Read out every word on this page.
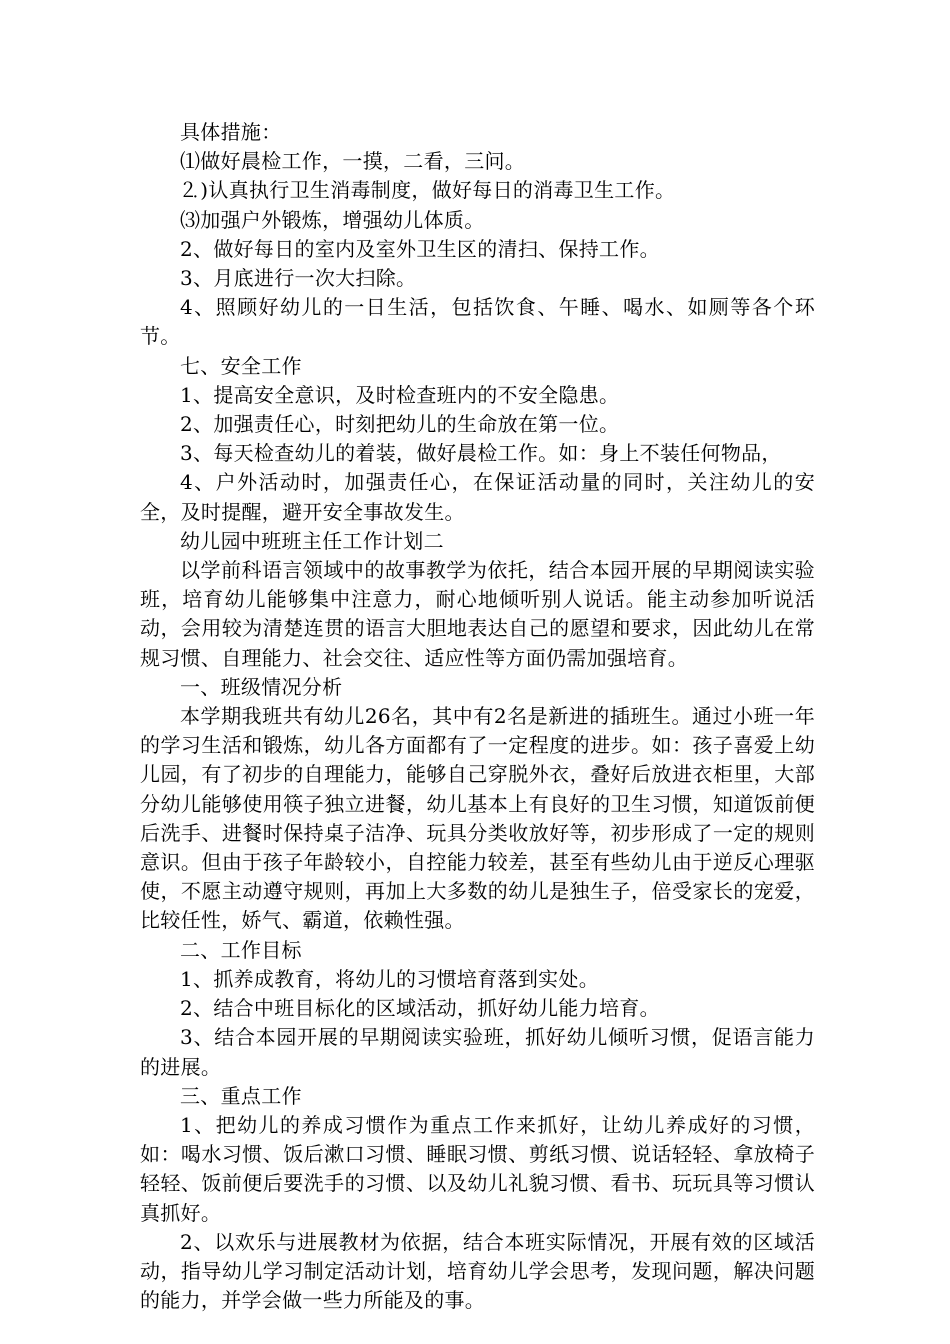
具体措施：

⑴做好晨检工作，一摸，二看，三问。

⒉)认真执行卫生消毒制度，做好每日的消毒卫生工作。

⑶加强户外锻炼，增强幼儿体质。

2、做好每日的室内及室外卫生区的清扫、保持工作。

3、月底进行一次大扫除。

4、照顾好幼儿的一日生活，包括饮食、午睡、喝水、如厕等各个环节。

七、安全工作

1、提高安全意识，及时检查班内的不安全隐患。

2、加强责任心，时刻把幼儿的生命放在第一位。

3、每天检查幼儿的着装，做好晨检工作。如：身上不装任何物品，

4、户外活动时，加强责任心，在保证活动量的同时，关注幼儿的安全，及时提醒，避开安全事故发生。

幼儿园中班班主任工作计划二

以学前科语言领域中的故事教学为依托，结合本园开展的早期阅读实验班，培育幼儿能够集中注意力，耐心地倾听别人说话。能主动参加听说活动，会用较为清楚连贯的语言大胆地表达自己的愿望和要求，因此幼儿在常规习惯、自理能力、社会交往、适应性等方面仍需加强培育。

一、班级情况分析

本学期我班共有幼儿26名，其中有2名是新进的插班生。通过小班一年的学习生活和锻炼，幼儿各方面都有了一定程度的进步。如：孩子喜爱上幼儿园，有了初步的自理能力，能够自己穿脱外衣，叠好后放进衣柜里，大部分幼儿能够使用筷子独立进餐，幼儿基本上有良好的卫生习惯，知道饭前便后洗手、进餐时保持桌子洁净、玩具分类收放好等，初步形成了一定的规则意识。但由于孩子年龄较小，自控能力较差，甚至有些幼儿由于逆反心理驱使，不愿主动遵守规则，再加上大多数的幼儿是独生子，倍受家长的宠爱，比较任性，娇气、霸道，依赖性强。

二、工作目标

1、抓养成教育，将幼儿的习惯培育落到实处。

2、结合中班目标化的区域活动，抓好幼儿能力培育。

3、结合本园开展的早期阅读实验班，抓好幼儿倾听习惯，促语言能力的进展。

三、重点工作

1、把幼儿的养成习惯作为重点工作来抓好，让幼儿养成好的习惯，如：喝水习惯、饭后漱口习惯、睡眠习惯、剪纸习惯、说话轻轻、拿放椅子轻轻、饭前便后要洗手的习惯、以及幼儿礼貌习惯、看书、玩玩具等习惯认真抓好。

2、以欢乐与进展教材为依据，结合本班实际情况，开展有效的区域活动，指导幼儿学习制定活动计划，培育幼儿学会思考，发现问题，解决问题的能力，并学会做一些力所能及的事。
